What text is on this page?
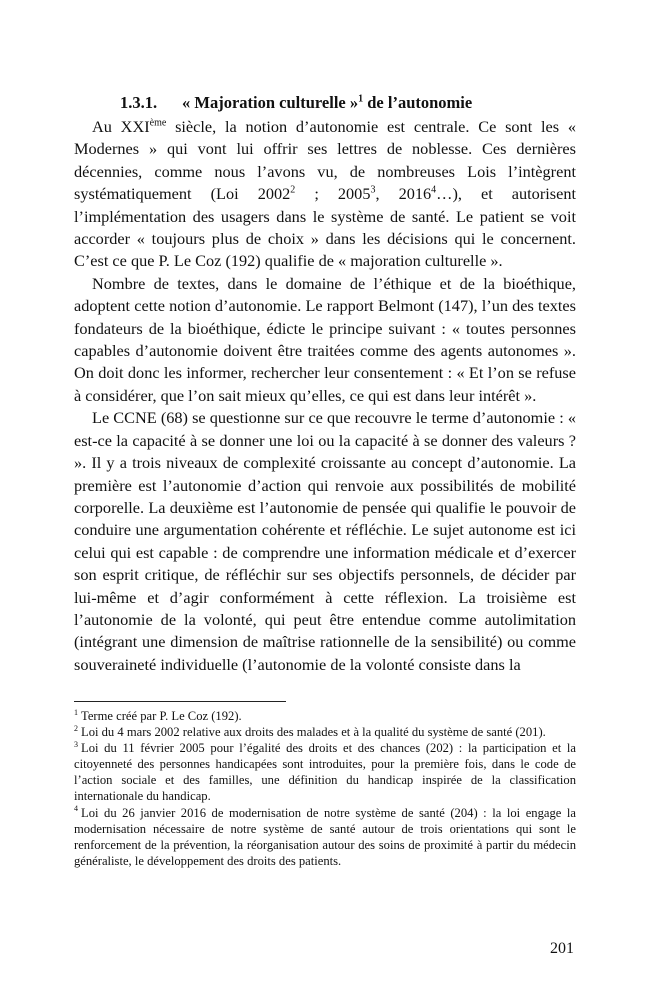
1.3.1. « Majoration culturelle »$^1$ de l’autonomie

Au XXIème siècle, la notion d’autonomie est centrale. Ce sont les « Modernes » qui vont lui offrir ses lettres de noblesse. Ces dernières décennies, comme nous l’avons vu, de nombreuses Lois l’intègrent systématiquement (Loi 2002$^2$ ; 2005$^3$, 2016$^4$…), et autorisent l’implémentation des usagers dans le système de santé. Le patient se voit accorder « toujours plus de choix » dans les décisions qui le concernent. C’est ce que P. Le Coz (192) qualifie de « majoration culturelle ».

Nombre de textes, dans le domaine de l’éthique et de la bioéthique, adoptent cette notion d’autonomie. Le rapport Belmont (147), l’un des textes fondateurs de la bioéthique, édicte le principe suivant : « toutes personnes capables d’autonomie doivent être traitées comme des agents autonomes ». On doit donc les informer, rechercher leur consentement : « Et l’on se refuse à considérer, que l’on sait mieux qu’elles, ce qui est dans leur intérêt ».

Le CCNE (68) se questionne sur ce que recouvre le terme d’autonomie : « est-ce la capacité à se donner une loi ou la capacité à se donner des valeurs ? ». Il y a trois niveaux de complexité croissante au concept d’autonomie. La première est l’autonomie d’action qui renvoie aux possibilités de mobilité corporelle. La deuxième est l’autonomie de pensée qui qualifie le pouvoir de conduire une argumentation cohérente et réfléchie. Le sujet autonome est ici celui qui est capable : de comprendre une information médicale et d’exercer son esprit critique, de réfléchir sur ses objectifs personnels, de décider par lui-même et d’agir conformément à cette réflexion. La troisième est l’autonomie de la volonté, qui peut être entendue comme autolimitation (intégrant une dimension de maîtrise rationnelle de la sensibilité) ou comme souveraineté individuelle (l’autonomie de la volonté consiste dans la

$^1$ Terme créé par P. Le Coz (192).

$^2$ Loi du 4 mars 2002 relative aux droits des malades et à la qualité du système de santé (201).

$^3$ Loi du 11 février 2005 pour l’égalité des droits et des chances (202) : la participation et la citoyenneté des personnes handicapées sont introduites, pour la première fois, dans le code de l’action sociale et des familles, une définition du handicap inspirée de la classification internationale du handicap.

$^4$ Loi du 26 janvier 2016 de modernisation de notre système de santé (204) : la loi engage la modernisation nécessaire de notre système de santé autour de trois orientations qui sont le renforcement de la prévention, la réorganisation autour des soins de proximité à partir du médecin généraliste, le développement des droits des patients.

201
